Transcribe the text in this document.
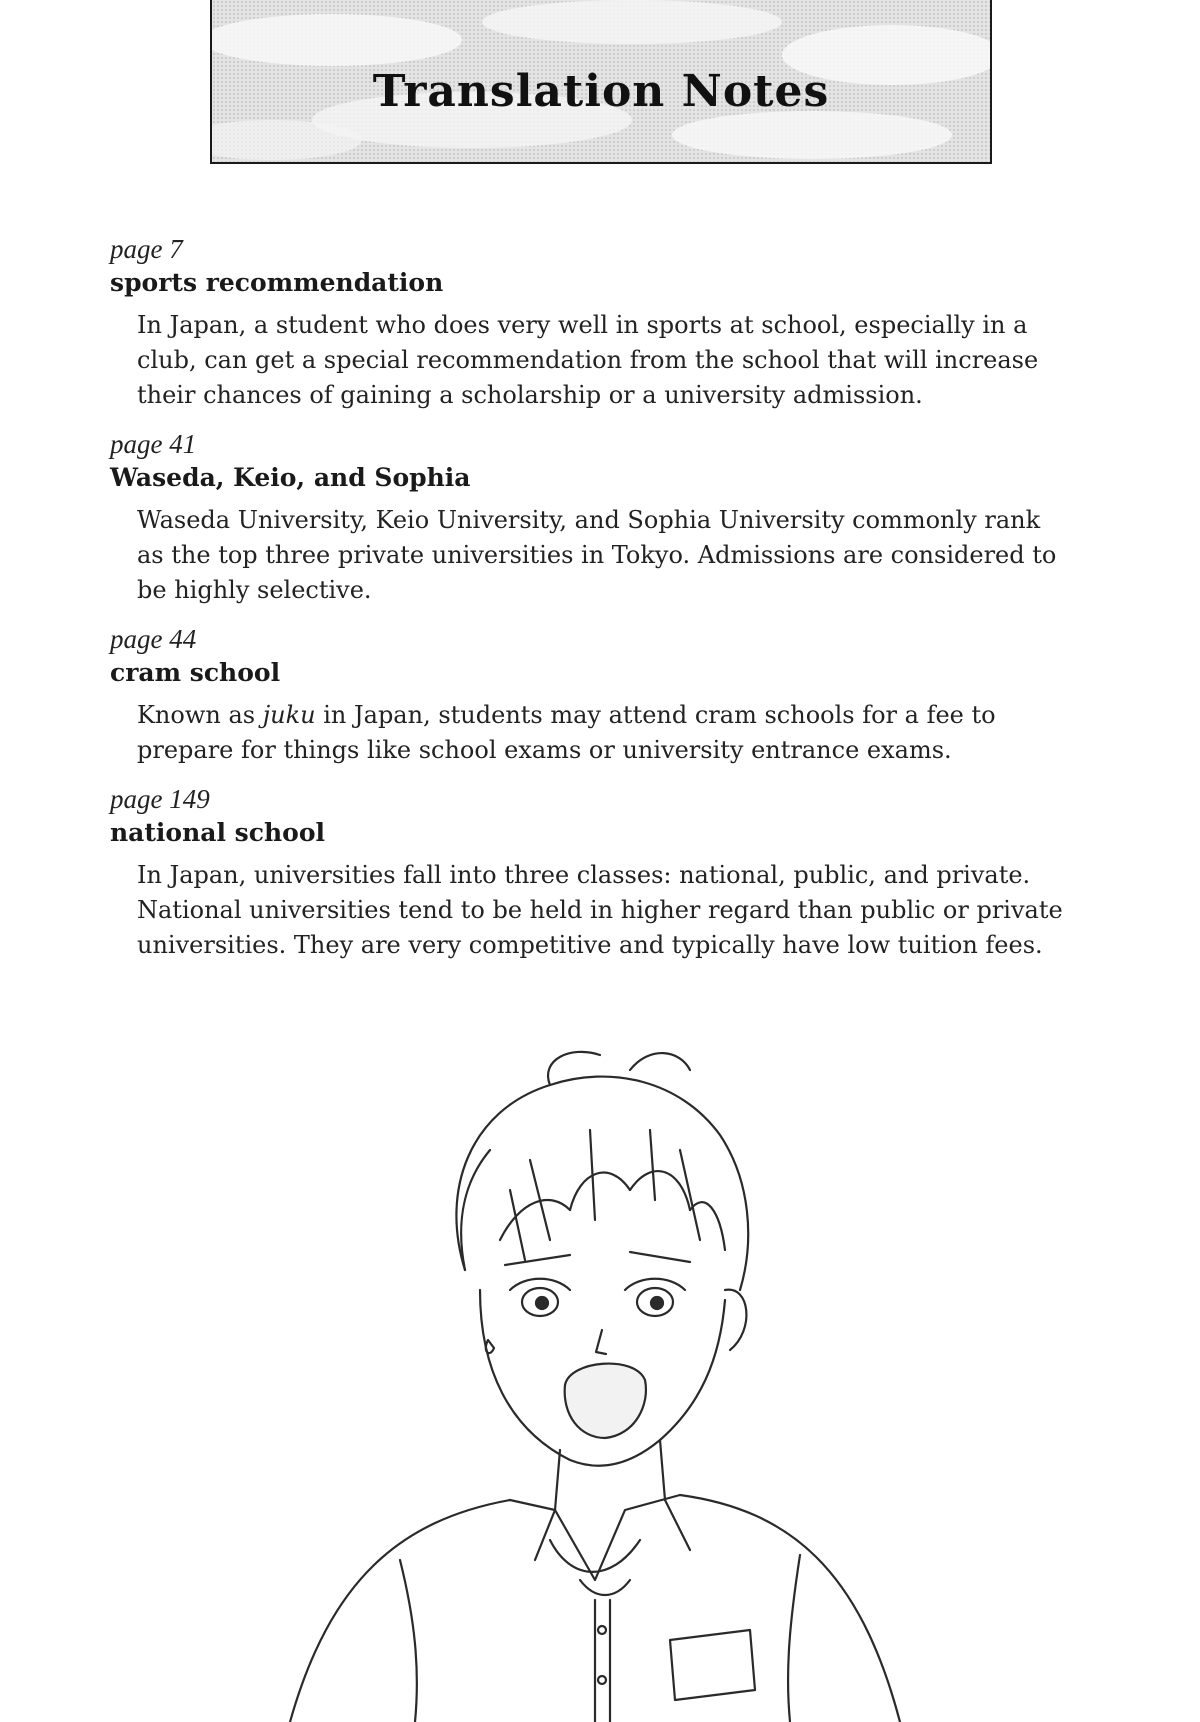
Translation Notes
page 7
sports recommendation
In Japan, a student who does very well in sports at school, especially in a
club, can get a special recommendation from the school that will increase
their chances of gaining a scholarship or a university admission.
page 41
Waseda, Keio, and Sophia
Waseda University, Keio University, and Sophia University commonly rank
as the top three private universities in Tokyo. Admissions are considered to
be highly selective.
page 44
cram school
Known as juku in Japan, students may attend cram schools for a fee to
prepare for things like school exams or university entrance exams.
page 149
national school
In Japan, universities fall into three classes: national, public, and private.
National universities tend to be held in higher regard than public or private
universities. They are very competitive and typically have low tuition fees.
